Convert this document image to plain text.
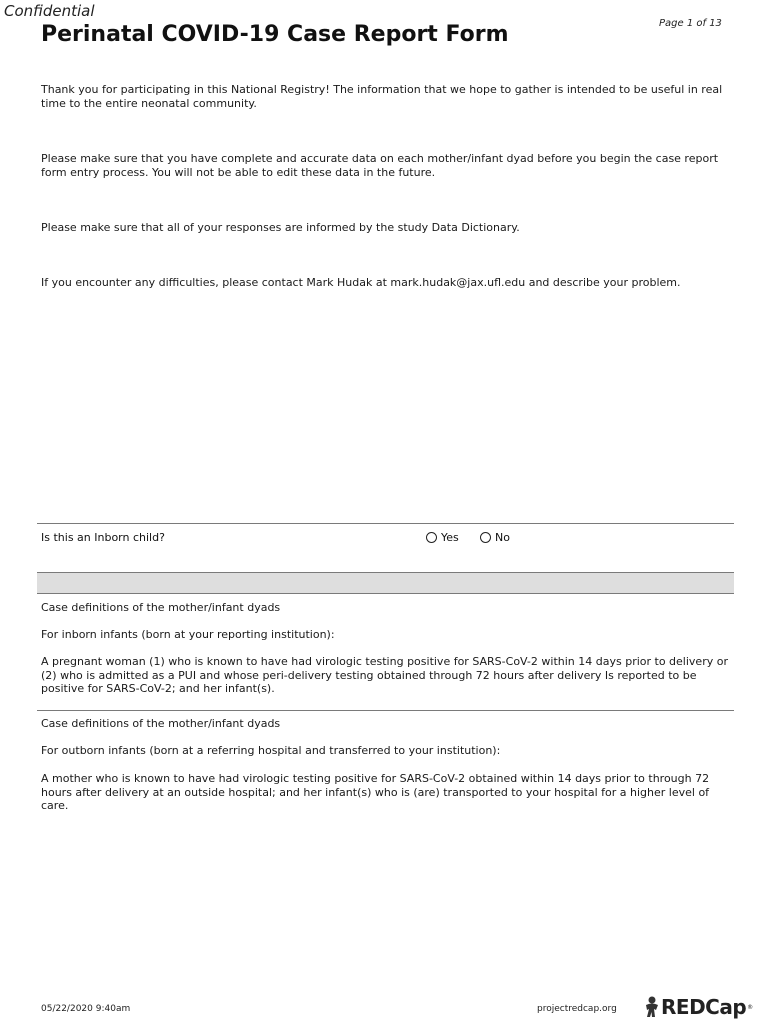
Confidential
Page 1 of 13
Perinatal COVID-19 Case Report Form
Thank you for participating in this National Registry! The information that we hope to gather is intended to be useful in real time to the entire neonatal community.
Please make sure that you have complete and accurate data on each mother/infant dyad before you begin the case report form entry process. You will not be able to edit these data in the future.
Please make sure that all of your responses are informed by the study Data Dictionary.
If you encounter any difficulties, please contact Mark Hudak at mark.hudak@jax.ufl.edu and describe your problem.
Is this an Inborn child?	Yes	No
Case definitions of the mother/infant dyads
For inborn infants (born at your reporting institution):
A pregnant woman (1) who is known to have had virologic testing positive for SARS-CoV-2 within 14 days prior to delivery or (2) who is admitted as a PUI and whose peri-delivery testing obtained through 72 hours after delivery Is reported to be positive for SARS-CoV-2; and her infant(s).
Case definitions of the mother/infant dyads
For outborn infants (born at a referring hospital and transferred to your institution):
A mother who is known to have had virologic testing positive for SARS-CoV-2 obtained within 14 days prior to through 72 hours after delivery at an outside hospital; and her infant(s) who is (are) transported to your hospital for a higher level of care.
05/22/2020 9:40am	projectredcap.org REDCap ®
